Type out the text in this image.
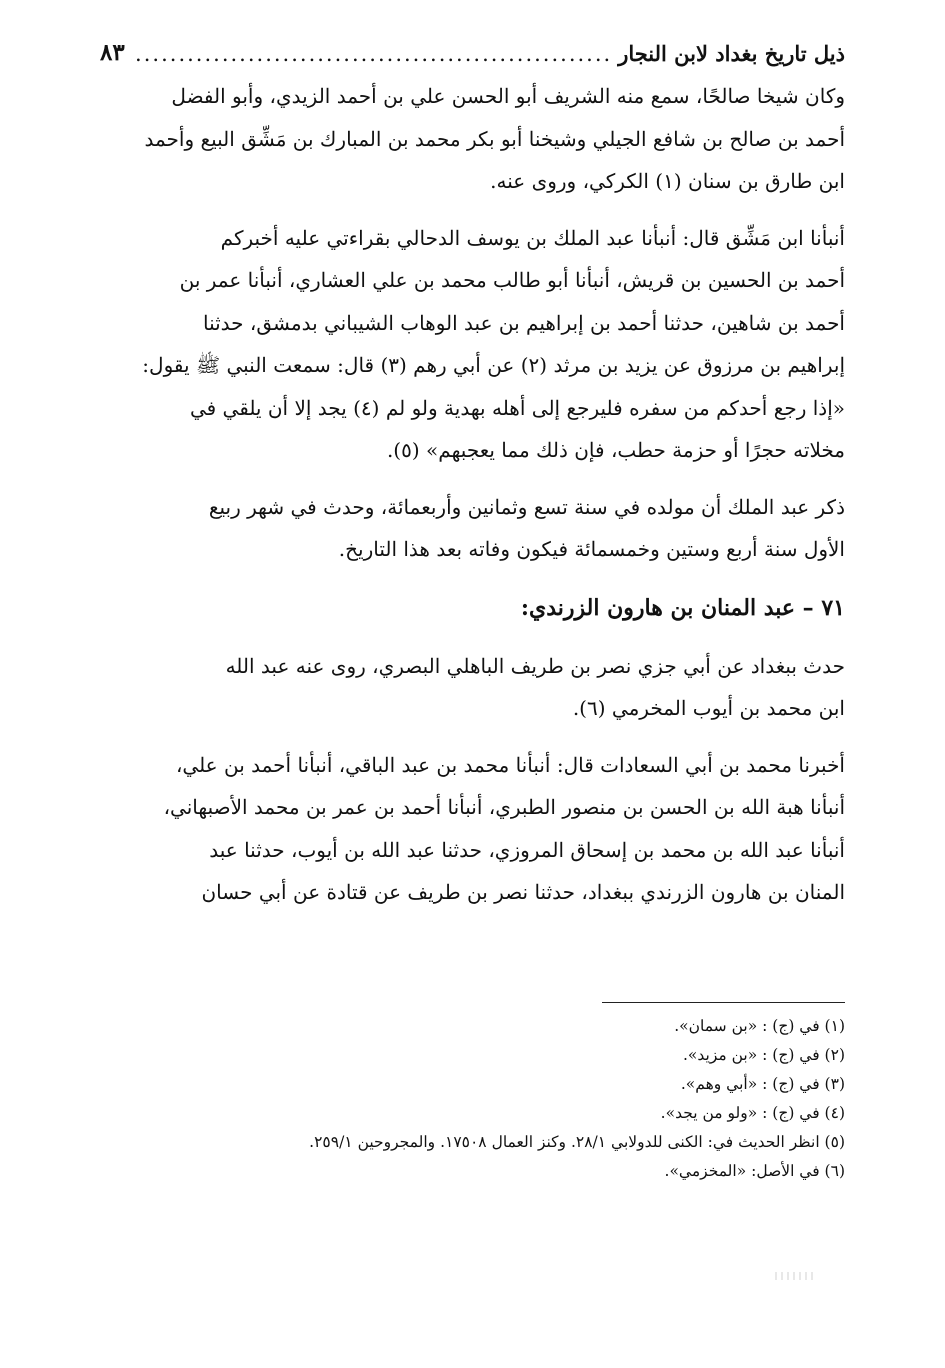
ذيل تاريخ بغداد لابن النجار
.....
٨٣

وكان شيخا صالحًا، سمع منه الشريف أبو الحسن علي بن أحمد الزيدي، وأبو الفضل
أحمد بن صالح بن شافع الجيلي وشيخنا أبو بكر محمد بن المبارك بن مَشِّق البيع وأحمد
ابن طارق بن سنان (١) الكركي، وروى عنه.

أنبأنا ابن مَشِّق قال: أنبأنا عبد الملك بن يوسف الدحالي بقراءتي عليه أخبركم
أحمد بن الحسين بن قريش، أنبأنا أبو طالب محمد بن علي العشاري، أنبأنا عمر بن
أحمد بن شاهين، حدثنا أحمد بن إبراهيم بن عبد الوهاب الشيباني بدمشق، حدثنا
إبراهيم بن مرزوق عن يزيد بن مرثد (٢) عن أبي رهم (٣) قال: سمعت النبي ﷺ يقول:
«إذا رجع أحدكم من سفره فليرجع إلى أهله بهدية ولو لم (٤) يجد إلا أن يلقي في
مخلاته حجرًا أو حزمة حطب، فإن ذلك مما يعجبهم» (٥).

ذكر عبد الملك أن مولده في سنة تسع وثمانين وأربعمائة، وحدث في شهر ربيع
الأول سنة أربع وستين وخمسمائة فيكون وفاته بعد هذا التاريخ.

٧١ – عبد المنان بن هارون الزرندي:

حدث ببغداد عن أبي جزي نصر بن طريف الباهلي البصري، روى عنه عبد الله
ابن محمد بن أيوب المخرمي (٦).

أخبرنا محمد بن أبي السعادات قال: أنبأنا محمد بن عبد الباقي، أنبأنا أحمد بن علي،
أنبأنا هبة الله بن الحسن بن منصور الطبري، أنبأنا أحمد بن عمر بن محمد الأصبهاني،
أنبأنا عبد الله بن محمد بن إسحاق المروزي، حدثنا عبد الله بن أيوب، حدثنا عبد
المنان بن هارون الزرندي ببغداد، حدثنا نصر بن طريف عن قتادة عن أبي حسان

(١) في (ج) : «بن سمان».
(٢) في (ج) : «بن مزيد».
(٣) في (ج) : «أبي وهم».
(٤) في (ج) : «ولو من يجد».
(٥) انظر الحديث في: الكنى للدولابي ٢٨/١. وكنز العمال ١٧٥٠٨. والمجروحين ٢٥٩/١.
(٦) في الأصل: «المخزمي».
